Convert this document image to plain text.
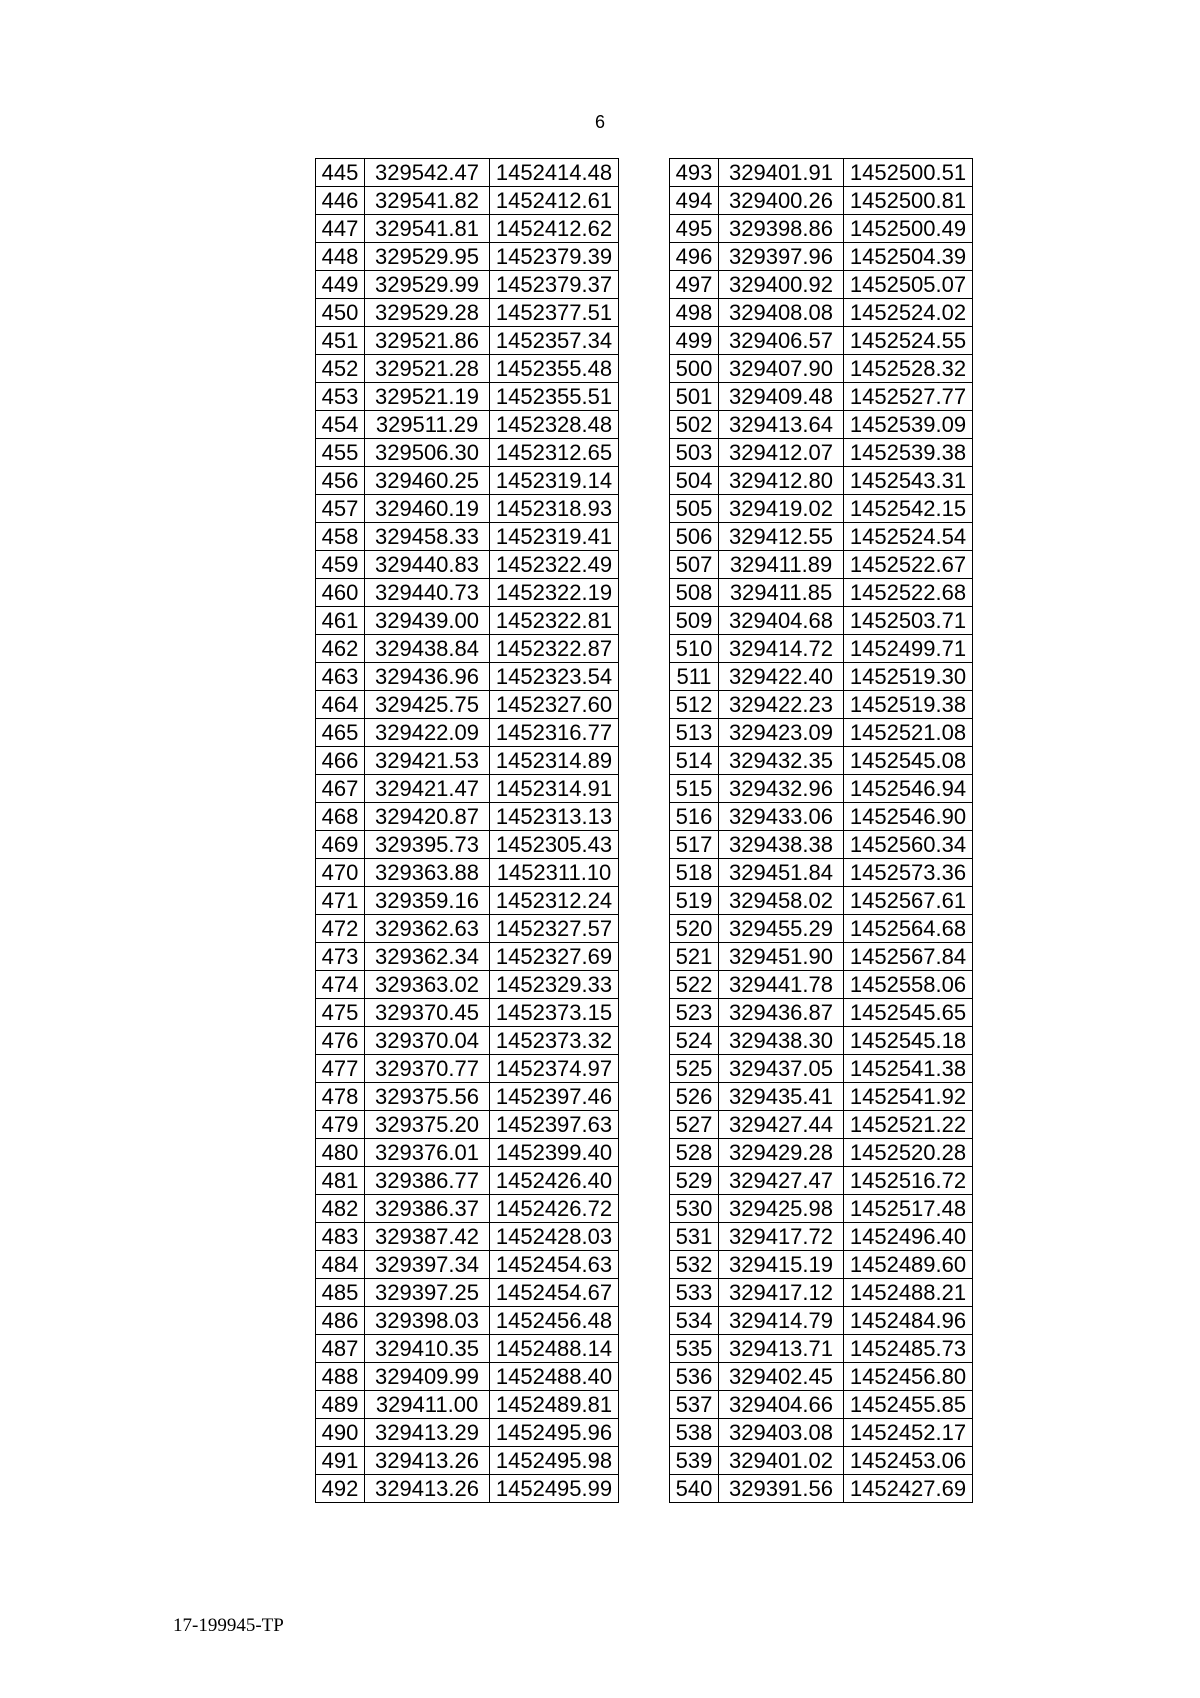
6
445	329542.47	1452414.48
446	329541.82	1452412.61
447	329541.81	1452412.62
448	329529.95	1452379.39
449	329529.99	1452379.37
450	329529.28	1452377.51
451	329521.86	1452357.34
452	329521.28	1452355.48
453	329521.19	1452355.51
454	329511.29	1452328.48
455	329506.30	1452312.65
456	329460.25	1452319.14
457	329460.19	1452318.93
458	329458.33	1452319.41
459	329440.83	1452322.49
460	329440.73	1452322.19
461	329439.00	1452322.81
462	329438.84	1452322.87
463	329436.96	1452323.54
464	329425.75	1452327.60
465	329422.09	1452316.77
466	329421.53	1452314.89
467	329421.47	1452314.91
468	329420.87	1452313.13
469	329395.73	1452305.43
470	329363.88	1452311.10
471	329359.16	1452312.24
472	329362.63	1452327.57
473	329362.34	1452327.69
474	329363.02	1452329.33
475	329370.45	1452373.15
476	329370.04	1452373.32
477	329370.77	1452374.97
478	329375.56	1452397.46
479	329375.20	1452397.63
480	329376.01	1452399.40
481	329386.77	1452426.40
482	329386.37	1452426.72
483	329387.42	1452428.03
484	329397.34	1452454.63
485	329397.25	1452454.67
486	329398.03	1452456.48
487	329410.35	1452488.14
488	329409.99	1452488.40
489	329411.00	1452489.81
490	329413.29	1452495.96
491	329413.26	1452495.98
492	329413.26	1452495.99
493	329401.91	1452500.51
494	329400.26	1452500.81
495	329398.86	1452500.49
496	329397.96	1452504.39
497	329400.92	1452505.07
498	329408.08	1452524.02
499	329406.57	1452524.55
500	329407.90	1452528.32
501	329409.48	1452527.77
502	329413.64	1452539.09
503	329412.07	1452539.38
504	329412.80	1452543.31
505	329419.02	1452542.15
506	329412.55	1452524.54
507	329411.89	1452522.67
508	329411.85	1452522.68
509	329404.68	1452503.71
510	329414.72	1452499.71
511	329422.40	1452519.30
512	329422.23	1452519.38
513	329423.09	1452521.08
514	329432.35	1452545.08
515	329432.96	1452546.94
516	329433.06	1452546.90
517	329438.38	1452560.34
518	329451.84	1452573.36
519	329458.02	1452567.61
520	329455.29	1452564.68
521	329451.90	1452567.84
522	329441.78	1452558.06
523	329436.87	1452545.65
524	329438.30	1452545.18
525	329437.05	1452541.38
526	329435.41	1452541.92
527	329427.44	1452521.22
528	329429.28	1452520.28
529	329427.47	1452516.72
530	329425.98	1452517.48
531	329417.72	1452496.40
532	329415.19	1452489.60
533	329417.12	1452488.21
534	329414.79	1452484.96
535	329413.71	1452485.73
536	329402.45	1452456.80
537	329404.66	1452455.85
538	329403.08	1452452.17
539	329401.02	1452453.06
540	329391.56	1452427.69
17-199945-TP
